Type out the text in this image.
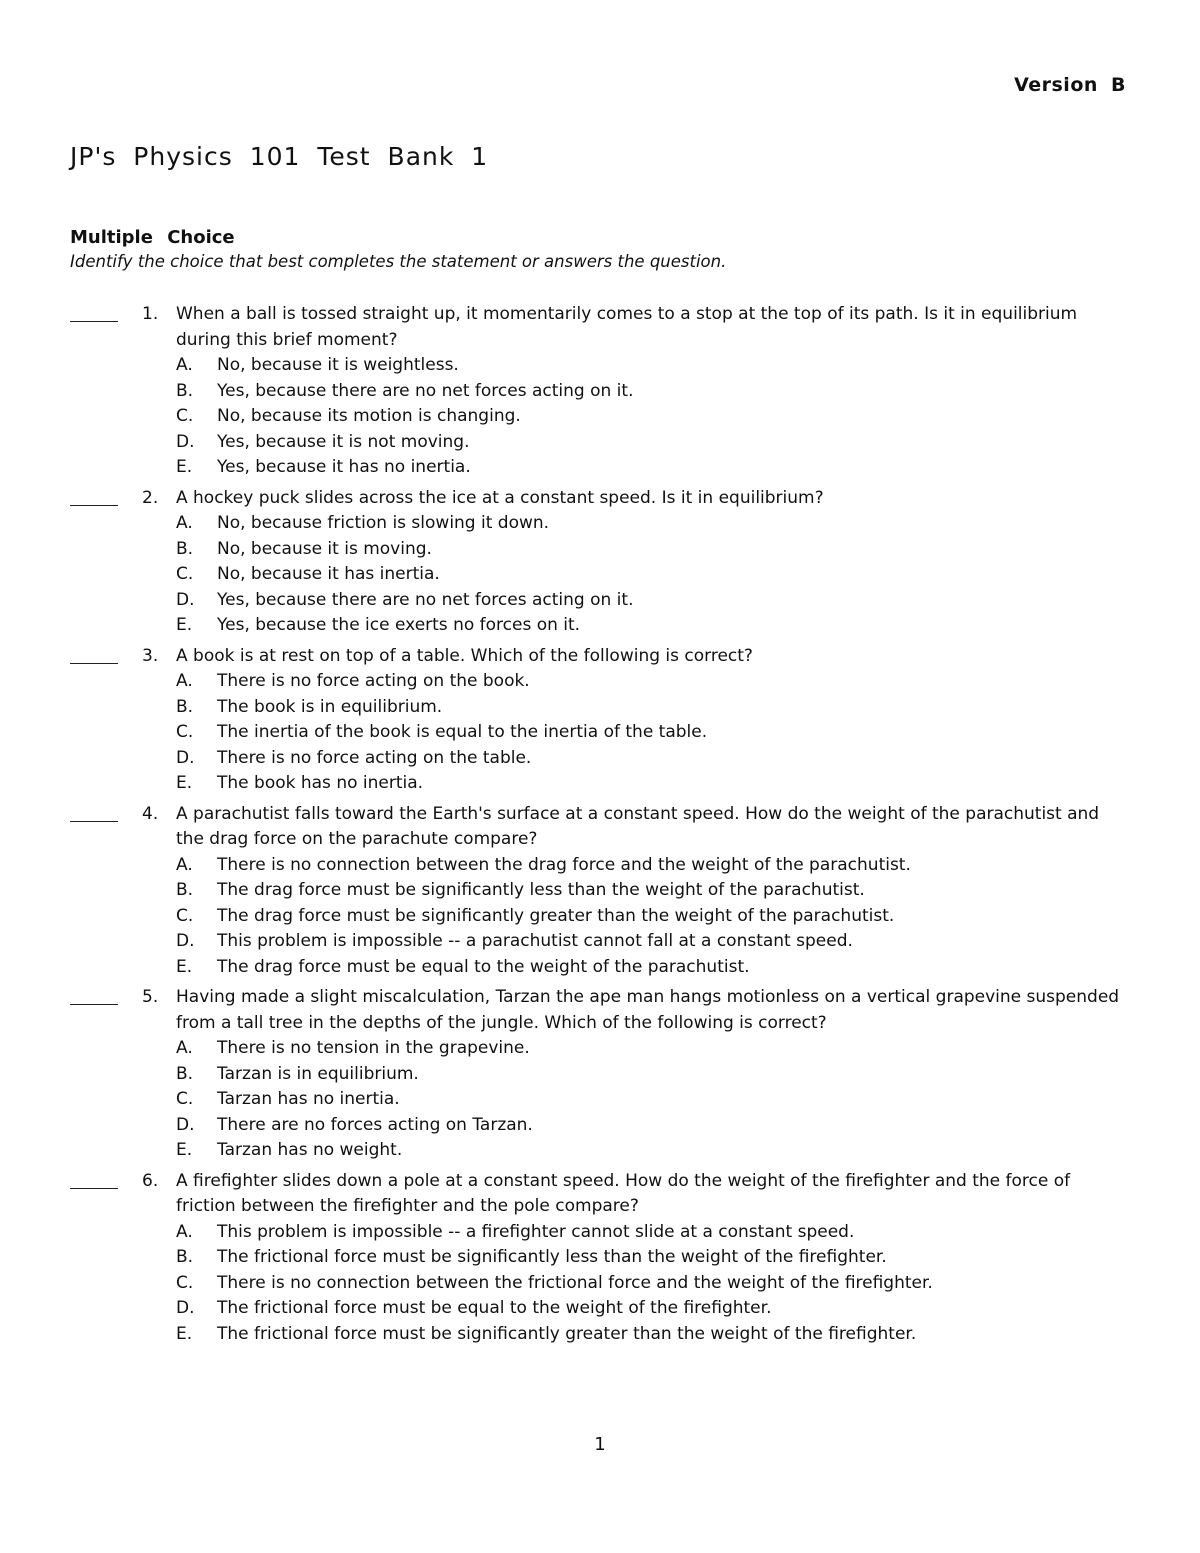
Version B
JP's Physics 101 Test Bank 1
Multiple Choice
Identify the choice that best completes the statement or answers the question.
1. When a ball is tossed straight up, it momentarily comes to a stop at the top of its path. Is it in equilibrium during this brief moment?
A. No, because it is weightless.
B. Yes, because there are no net forces acting on it.
C. No, because its motion is changing.
D. Yes, because it is not moving.
E. Yes, because it has no inertia.
2. A hockey puck slides across the ice at a constant speed. Is it in equilibrium?
A. No, because friction is slowing it down.
B. No, because it is moving.
C. No, because it has inertia.
D. Yes, because there are no net forces acting on it.
E. Yes, because the ice exerts no forces on it.
3. A book is at rest on top of a table. Which of the following is correct?
A. There is no force acting on the book.
B. The book is in equilibrium.
C. The inertia of the book is equal to the inertia of the table.
D. There is no force acting on the table.
E. The book has no inertia.
4. A parachutist falls toward the Earth's surface at a constant speed. How do the weight of the parachutist and the drag force on the parachute compare?
A. There is no connection between the drag force and the weight of the parachutist.
B. The drag force must be significantly less than the weight of the parachutist.
C. The drag force must be significantly greater than the weight of the parachutist.
D. This problem is impossible -- a parachutist cannot fall at a constant speed.
E. The drag force must be equal to the weight of the parachutist.
5. Having made a slight miscalculation, Tarzan the ape man hangs motionless on a vertical grapevine suspended from a tall tree in the depths of the jungle. Which of the following is correct?
A. There is no tension in the grapevine.
B. Tarzan is in equilibrium.
C. Tarzan has no inertia.
D. There are no forces acting on Tarzan.
E. Tarzan has no weight.
6. A firefighter slides down a pole at a constant speed. How do the weight of the firefighter and the force of friction between the firefighter and the pole compare?
A. This problem is impossible -- a firefighter cannot slide at a constant speed.
B. The frictional force must be significantly less than the weight of the firefighter.
C. There is no connection between the frictional force and the weight of the firefighter.
D. The frictional force must be equal to the weight of the firefighter.
E. The frictional force must be significantly greater than the weight of the firefighter.
1
